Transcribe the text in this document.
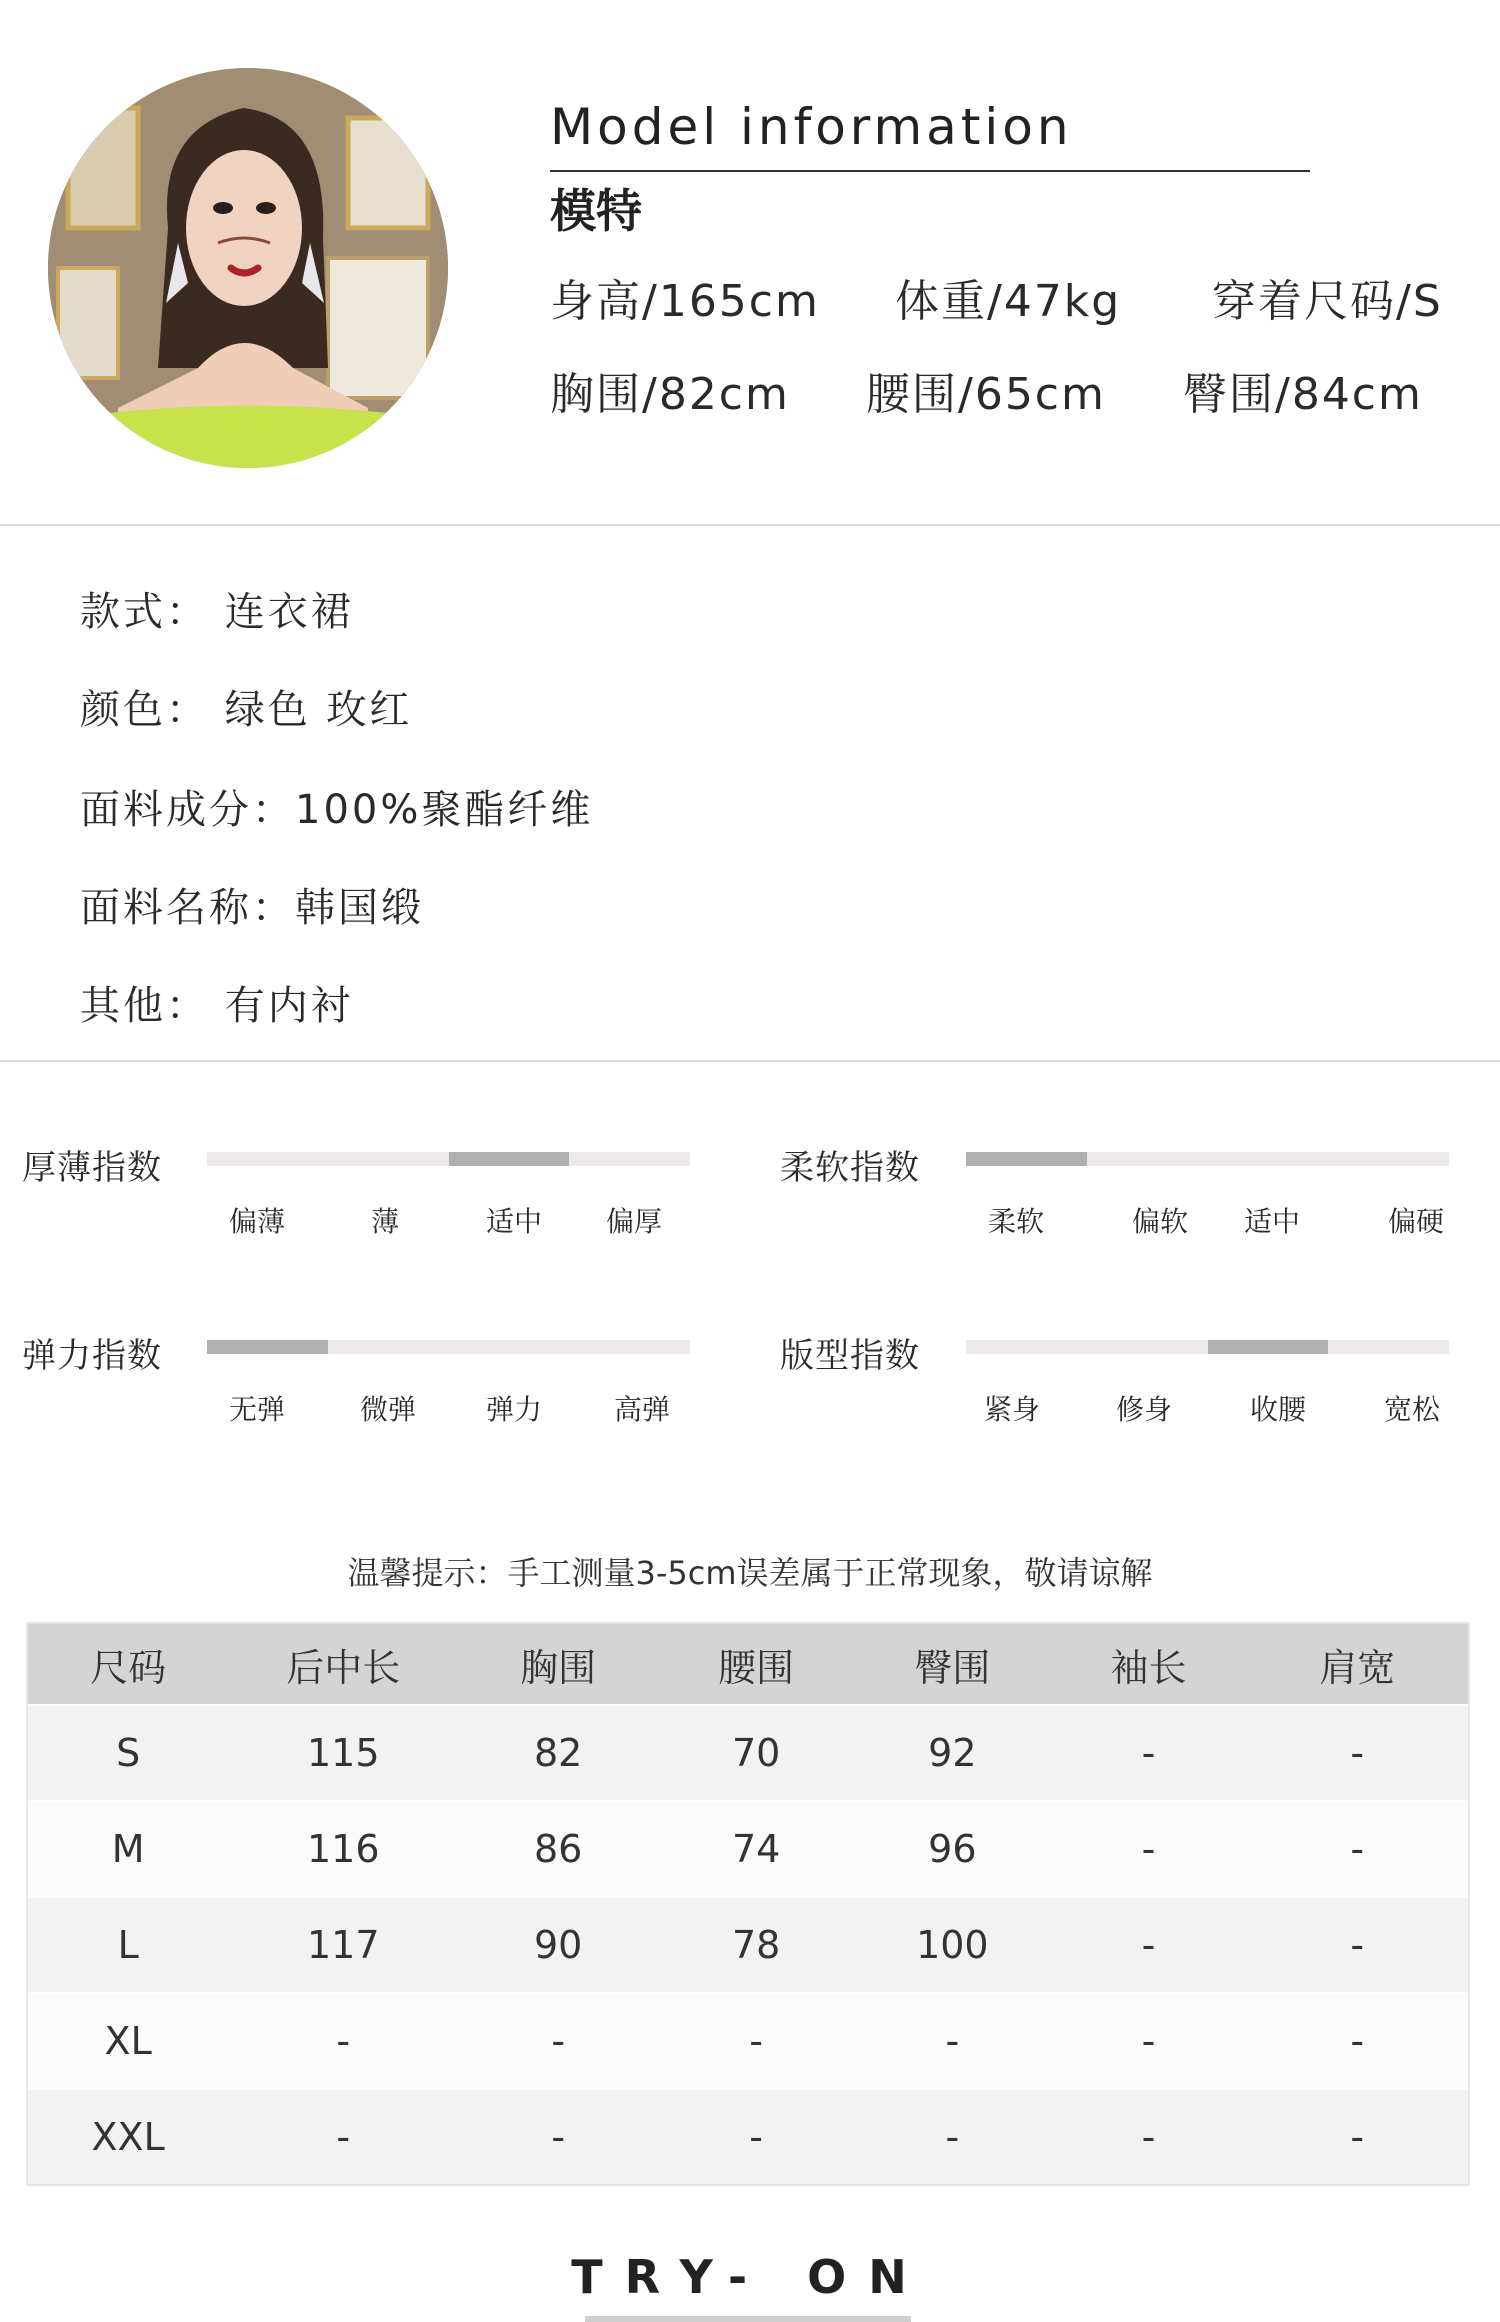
Model information
模特
身高/165cm 体重/47kg 穿着尺码/S
胸围/82cm 腰围/65cm 臀围/84cm
款式： 连衣裙
颜色： 绿色 玫红
面料成分：100%聚酯纤维
面料名称：韩国缎
其他： 有内衬
厚薄指数
偏薄	薄	适中	偏厚
柔软指数
柔软	偏软	适中	偏硬
弹力指数
无弹	微弹	弹力	高弹
版型指数
紧身	修身	收腰	宽松
温馨提示：手工测量3-5cm误差属于正常现象，敬请谅解
尺码	后中长	胸围	腰围	臀围	袖长	肩宽
S	115	82	70	92	-	-
M	116	86	74	96	-	-
L	117	90	78	100	-	-
XL	-	-	-	-	-	-
XXL	-	-	-	-	-	-
TRY- ON
